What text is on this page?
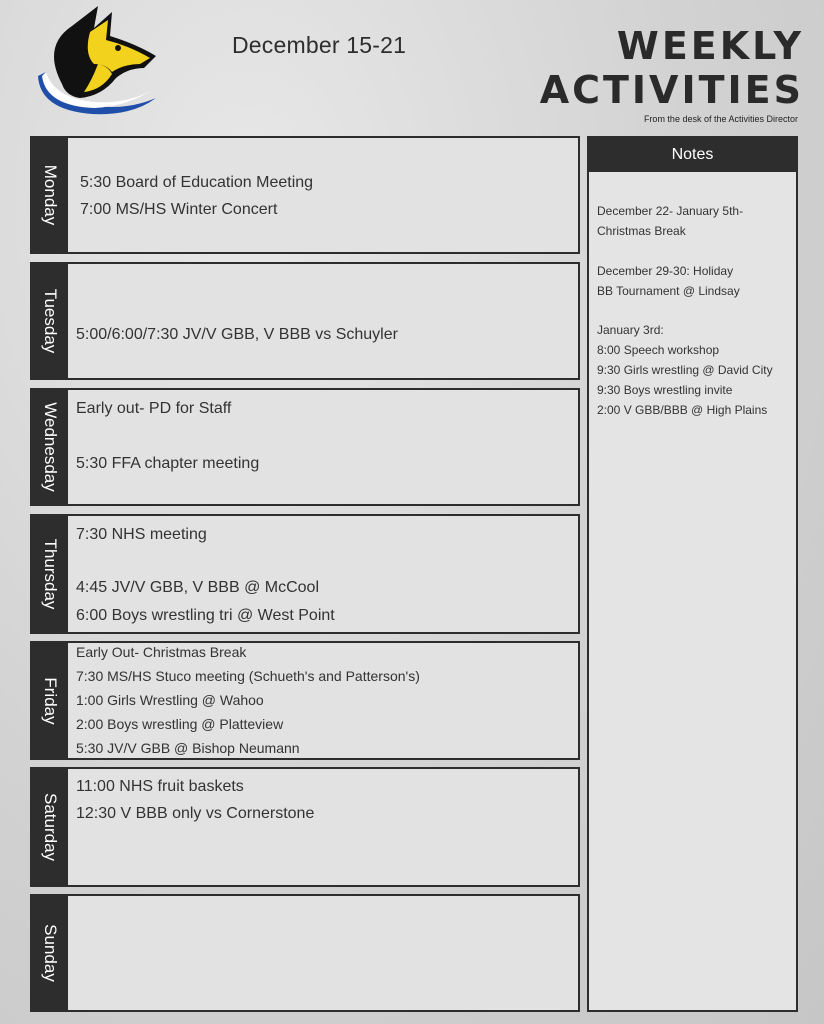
December 15-21	WEEKLY
ACTIVITIES
From the desk of the Activities Director
Monday 5:30 Board of Education Meeting
7:00 MS/HS Winter Concert
Tuesday 5:00/6:00/7:30 JV/V GBB, V BBB vs Schuyler
Wednesday Early out- PD for Staff
5:30 FFA chapter meeting
Thursday
7:30 NHS meeting
4:45 JV/V GBB, V BBB @ McCool
6:00 Boys wrestling tri @ West Point
Friday
Early Out- Christmas Break
7:30 MS/HS Stuco meeting (Schueth's and Patterson's)
1:00 Girls Wrestling @ Wahoo
2:00 Boys wrestling @ Platteview
5:30 JV/V GBB @ Bishop Neumann
Saturday
11:00 NHS fruit baskets
12:30 V BBB only vs Cornerstone
Sunday
Notes
December 22- January 5th-
Christmas Break
December 29-30: Holiday
BB Tournament @ Lindsay
January 3rd:
8:00 Speech workshop
9:30 Girls wrestling @ David City
9:30 Boys wrestling invite
2:00 V GBB/BBB @ High Plains
